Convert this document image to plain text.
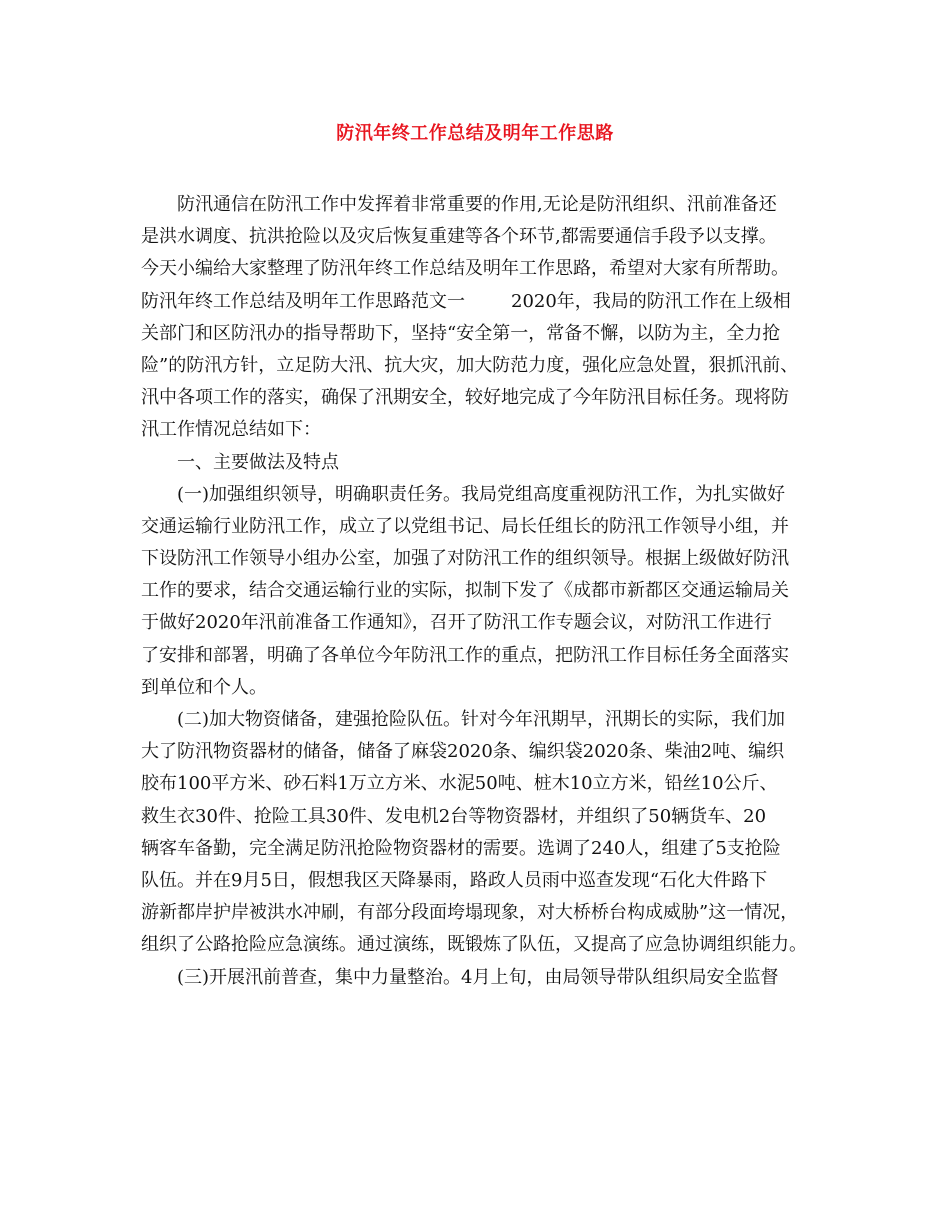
防汛年终工作总结及明年工作思路
防汛通信在防汛工作中发挥着非常重要的作用,无论是防汛组织、汛前准备还
是洪水调度、抗洪抢险以及灾后恢复重建等各个环节,都需要通信手段予以支撑。
今天小编给大家整理了防汛年终工作总结及明年工作思路，希望对大家有所帮助。
防汛年终工作总结及明年工作思路范文一	2020年，我局的防汛工作在上级相
关部门和区防汛办的指导帮助下，坚持“安全第一，常备不懈，以防为主，全力抢
险”的防汛方针，立足防大汛、抗大灾，加大防范力度，强化应急处置，狠抓汛前、
汛中各项工作的落实，确保了汛期安全，较好地完成了今年防汛目标任务。现将防
汛工作情况总结如下：
一、主要做法及特点
(一)加强组织领导，明确职责任务。我局党组高度重视防汛工作，为扎实做好
交通运输行业防汛工作，成立了以党组书记、局长任组长的防汛工作领导小组，并
下设防汛工作领导小组办公室，加强了对防汛工作的组织领导。根据上级做好防汛
工作的要求，结合交通运输行业的实际，拟制下发了《成都市新都区交通运输局关
于做好2020年汛前准备工作通知》，召开了防汛工作专题会议，对防汛工作进行
了安排和部署，明确了各单位今年防汛工作的重点，把防汛工作目标任务全面落实
到单位和个人。
(二)加大物资储备，建强抢险队伍。针对今年汛期早，汛期长的实际，我们加
大了防汛物资器材的储备，储备了麻袋2020条、编织袋2020条、柴油2吨、编织
胶布100平方米、砂石料1万立方米、水泥50吨、桩木10立方米，铅丝10公斤、
救生衣30件、抢险工具30件、发电机2台等物资器材，并组织了50辆货车、20
辆客车备勤，完全满足防汛抢险物资器材的需要。选调了240人，组建了5支抢险
队伍。并在9月5日，假想我区天降暴雨，路政人员雨中巡查发现“石化大件路下
游新都岸护岸被洪水冲刷，有部分段面垮塌现象，对大桥桥台构成威胁”这一情况，
组织了公路抢险应急演练。通过演练，既锻炼了队伍，又提高了应急协调组织能力。
(三)开展汛前普查，集中力量整治。4月上旬，由局领导带队组织局安全监督
